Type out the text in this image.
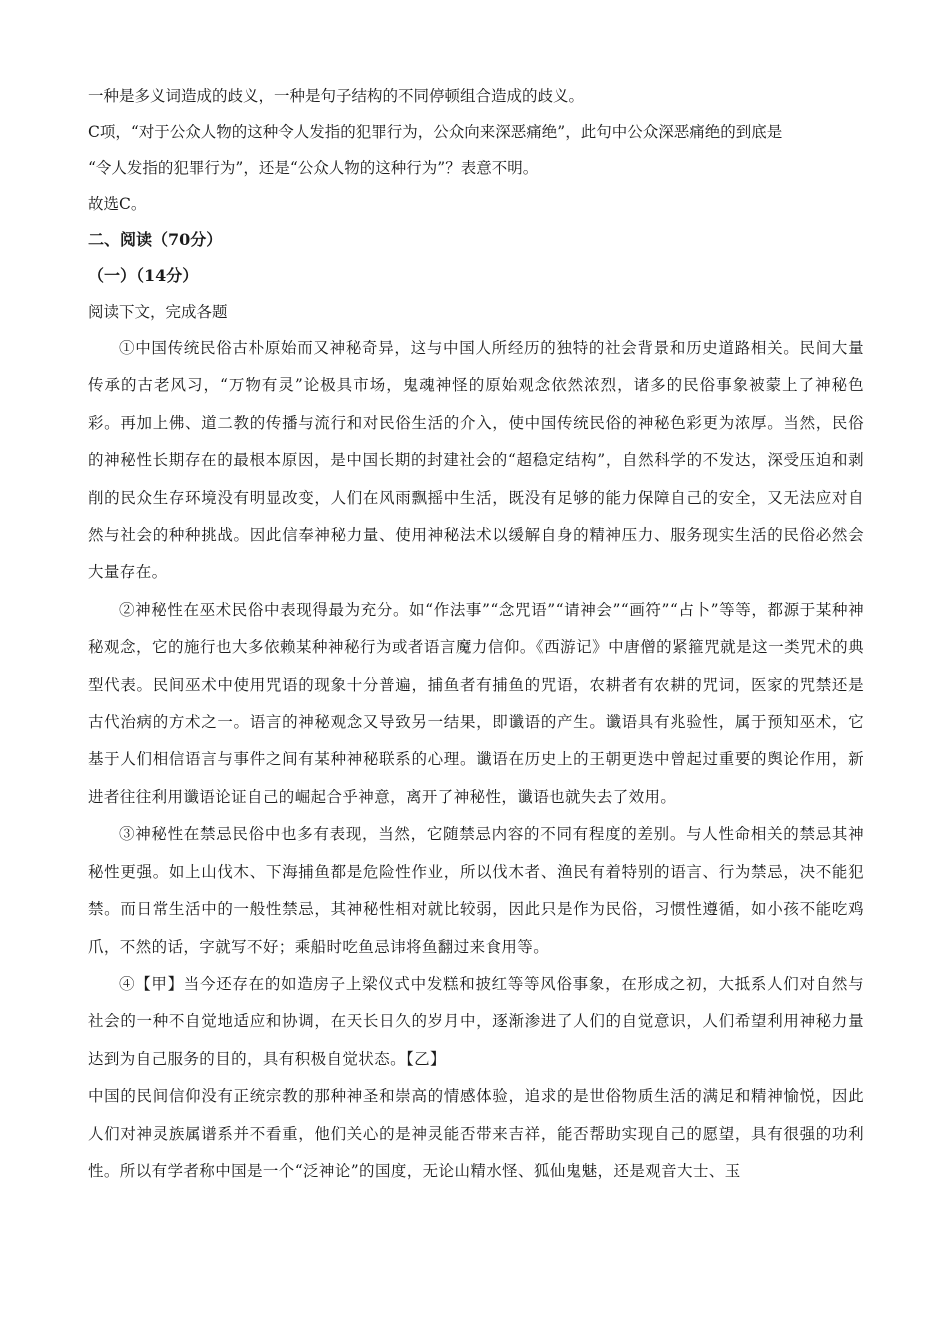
一种是多义词造成的歧义，一种是句子结构的不同停顿组合造成的歧义。

C项，“对于公众人物的这种令人发指的犯罪行为，公众向来深恶痛绝”，此句中公众深恶痛绝的到底是

“令人发指的犯罪行为”，还是“公众人物的这种行为”？表意不明。

故选C。

二、阅读（70分）

（一）（14分）

阅读下文，完成各题

①中国传统民俗古朴原始而又神秘奇异，这与中国人所经历的独特的社会背景和历史道路相关。民间大量传承的古老风习，“万物有灵”论极具市场，鬼魂神怪的原始观念依然浓烈，诸多的民俗事象被蒙上了神秘色彩。再加上佛、道二教的传播与流行和对民俗生活的介入，使中国传统民俗的神秘色彩更为浓厚。当然，民俗的神秘性长期存在的最根本原因，是中国长期的封建社会的“超稳定结构”，自然科学的不发达，深受压迫和剥削的民众生存环境没有明显改变，人们在风雨飘摇中生活，既没有足够的能力保障自己的安全，又无法应对自然与社会的种种挑战。因此信奉神秘力量、使用神秘法术以缓解自身的精神压力、服务现实生活的民俗必然会大量存在。

②神秘性在巫术民俗中表现得最为充分。如“作法事”“念咒语”“请神会”“画符”“占卜”等等，都源于某种神秘观念，它的施行也大多依赖某种神秘行为或者语言魔力信仰。《西游记》中唐僧的紧箍咒就是这一类咒术的典型代表。民间巫术中使用咒语的现象十分普遍，捕鱼者有捕鱼的咒语，农耕者有农耕的咒词，医家的咒禁还是古代治病的方术之一。语言的神秘观念又导致另一结果，即谶语的产生。谶语具有兆验性，属于预知巫术，它基于人们相信语言与事件之间有某种神秘联系的心理。谶语在历史上的王朝更迭中曾起过重要的舆论作用，新进者往往利用谶语论证自己的崛起合乎神意，离开了神秘性，谶语也就失去了效用。

③神秘性在禁忌民俗中也多有表现，当然，它随禁忌内容的不同有程度的差别。与人性命相关的禁忌其神秘性更强。如上山伐木、下海捕鱼都是危险性作业，所以伐木者、渔民有着特别的语言、行为禁忌，决不能犯禁。而日常生活中的一般性禁忌，其神秘性相对就比较弱，因此只是作为民俗，习惯性遵循，如小孩不能吃鸡爪，不然的话，字就写不好；乘船时吃鱼忌讳将鱼翻过来食用等。

④【甲】当今还存在的如造房子上梁仪式中发糕和披红等等风俗事象，在形成之初，大抵系人们对自然与社会的一种不自觉地适应和协调，在天长日久的岁月中，逐渐渗进了人们的自觉意识，人们希望利用神秘力量达到为自己服务的目的，具有积极自觉状态。【乙】

中国的民间信仰没有正统宗教的那种神圣和崇高的情感体验，追求的是世俗物质生活的满足和精神愉悦，因此人们对神灵族属谱系并不看重，他们关心的是神灵能否带来吉祥，能否帮助实现自己的愿望，具有很强的功利性。所以有学者称中国是一个“泛神论”的国度，无论山精水怪、狐仙鬼魅，还是观音大士、玉
